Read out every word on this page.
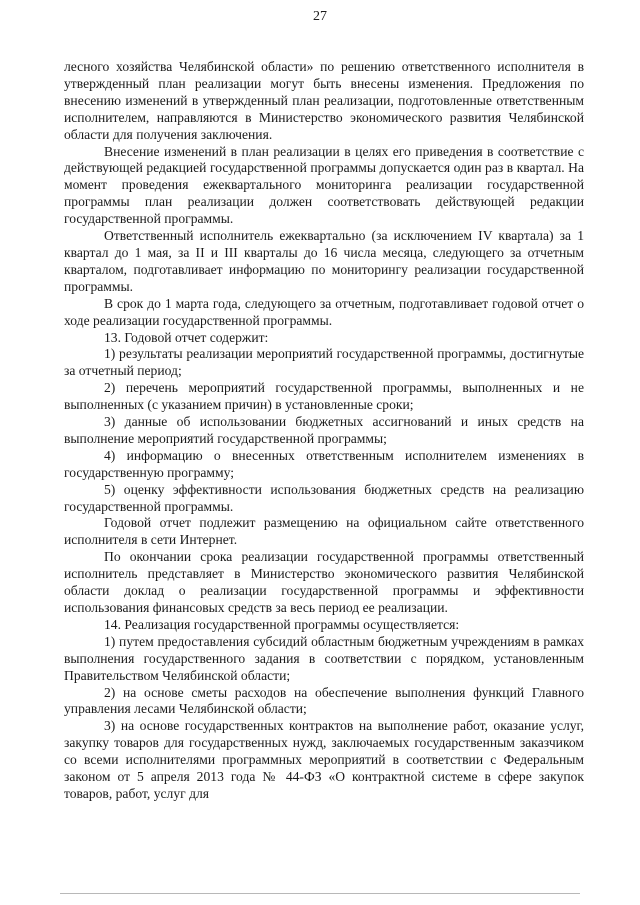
27

лесного хозяйства Челябинской области» по решению ответственного исполнителя в утвержденный план реализации могут быть внесены изменения. Предложения по внесению изменений в утвержденный план реализации, подготовленные ответственным исполнителем, направляются в Министерство экономического развития Челябинской области для получения заключения.

Внесение изменений в план реализации в целях его приведения в соответствие с действующей редакцией государственной программы допускается один раз в квартал. На момент проведения ежеквартального мониторинга реализации государственной программы план реализации должен соответствовать действующей редакции государственной программы.

Ответственный исполнитель ежеквартально (за исключением IV квартала) за 1 квартал до 1 мая, за II и III кварталы до 16 числа месяца, следующего за отчетным кварталом, подготавливает информацию по мониторингу реализации государственной программы.

В срок до 1 марта года, следующего за отчетным, подготавливает годовой отчет о ходе реализации государственной программы.

13. Годовой отчет содержит:

1) результаты реализации мероприятий государственной программы, достигнутые за отчетный период;

2) перечень мероприятий государственной программы, выполненных и не выполненных (с указанием причин) в установленные сроки;

3) данные об использовании бюджетных ассигнований и иных средств на выполнение мероприятий государственной программы;

4) информацию о внесенных ответственным исполнителем изменениях в государственную программу;

5) оценку эффективности использования бюджетных средств на реализацию государственной программы.

Годовой отчет подлежит размещению на официальном сайте ответственного исполнителя в сети Интернет.

По окончании срока реализации государственной программы ответственный исполнитель представляет в Министерство экономического развития Челябинской области доклад о реализации государственной программы и эффективности использования финансовых средств за весь период ее реализации.

14. Реализация государственной программы осуществляется:

1) путем предоставления субсидий областным бюджетным учреждениям в рамках выполнения государственного задания в соответствии с порядком, установленным Правительством Челябинской области;

2) на основе сметы расходов на обеспечение выполнения функций Главного управления лесами Челябинской области;

3) на основе государственных контрактов на выполнение работ, оказание услуг, закупку товаров для государственных нужд, заключаемых государственным заказчиком со всеми исполнителями программных мероприятий в соответствии с Федеральным законом от 5 апреля 2013 года № 44-ФЗ «О контрактной системе в сфере закупок товаров, работ, услуг для
